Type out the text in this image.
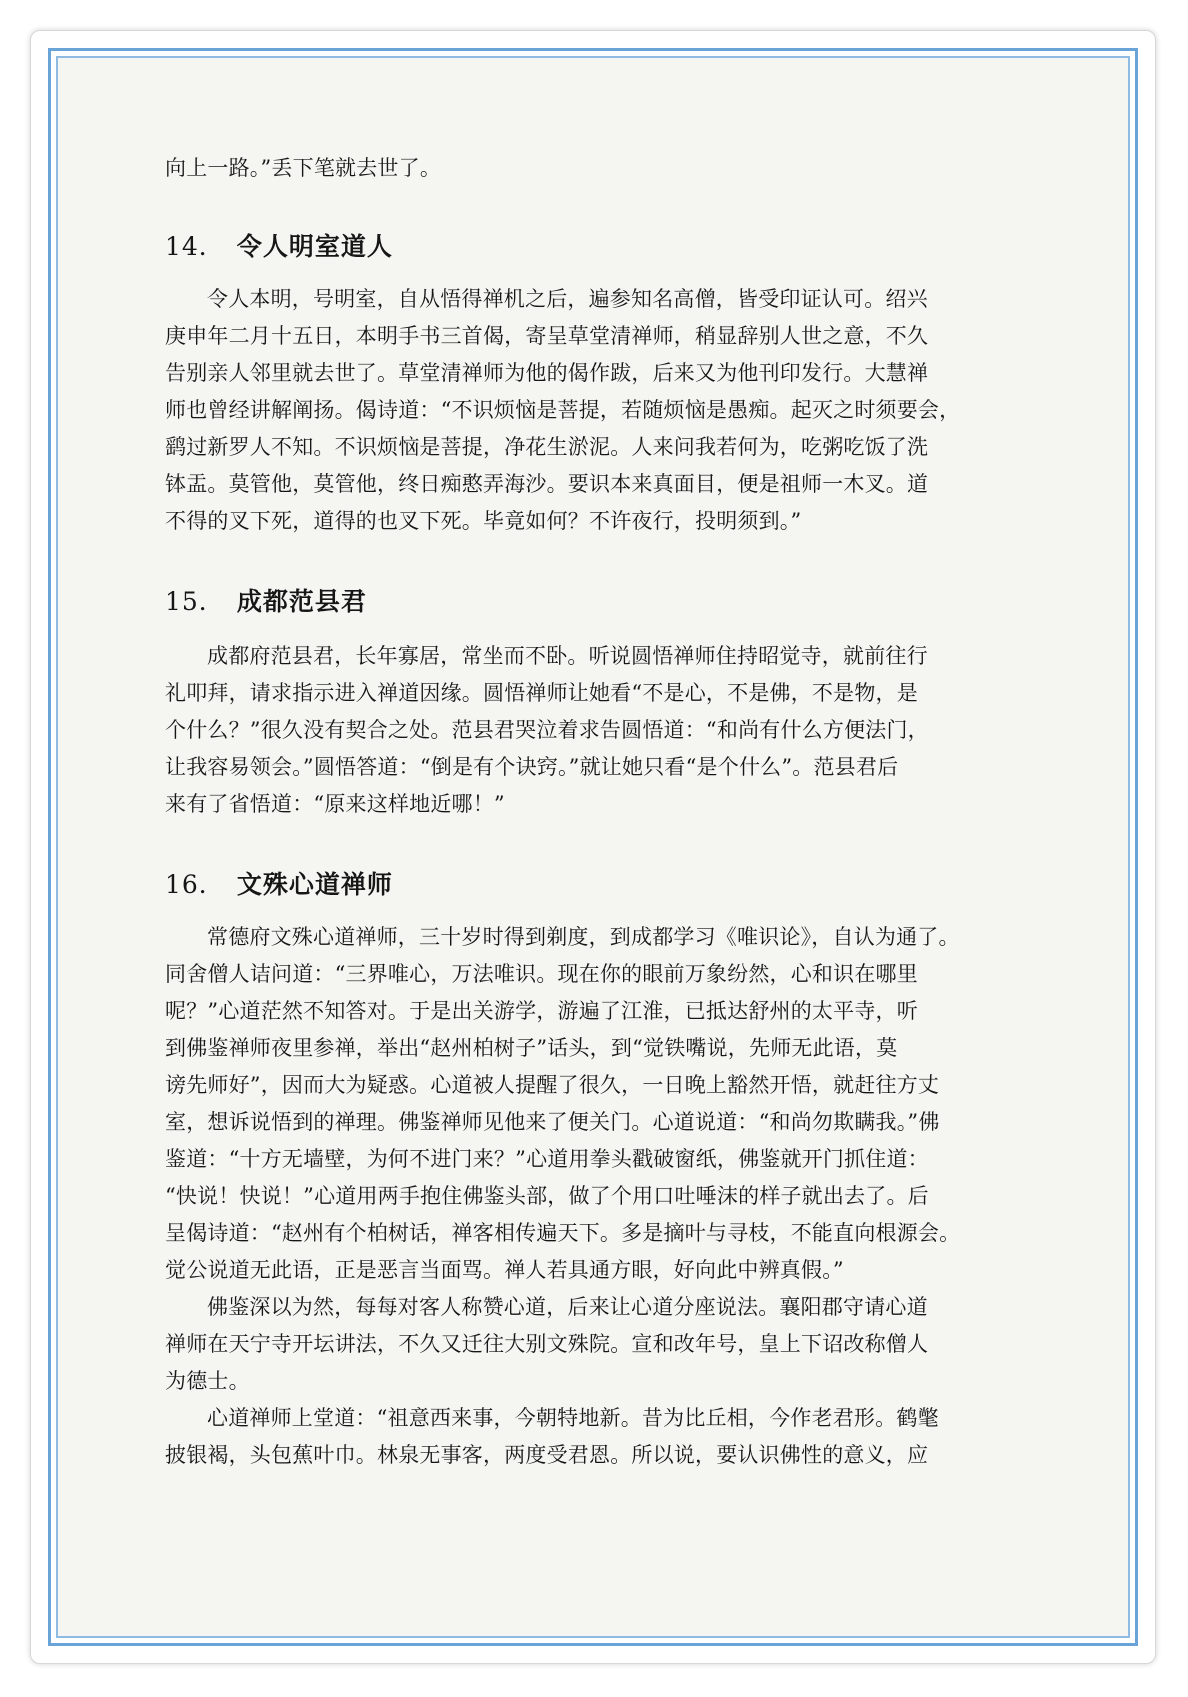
向上一路。”丢下笔就去世了。
14． 令人明室道人
令人本明，号明室，自从悟得禅机之后，遍参知名高僧，皆受印证认可。绍兴
庚申年二月十五日，本明手书三首偈，寄呈草堂清禅师，稍显辞别人世之意，不久
告别亲人邻里就去世了。草堂清禅师为他的偈作跋，后来又为他刊印发行。大慧禅
师也曾经讲解阐扬。偈诗道：“不识烦恼是菩提，若随烦恼是愚痴。起灭之时须要会，
鹞过新罗人不知。不识烦恼是菩提，净花生淤泥。人来问我若何为，吃粥吃饭了洗
钵盂。莫管他，莫管他，终日痴憨弄海沙。要识本来真面目，便是祖师一木叉。道
不得的叉下死，道得的也叉下死。毕竟如何？不许夜行，投明须到。”
15． 成都范县君
成都府范县君，长年寡居，常坐而不卧。听说圆悟禅师住持昭觉寺，就前往行
礼叩拜，请求指示进入禅道因缘。圆悟禅师让她看“不是心，不是佛，不是物，是
个什么？”很久没有契合之处。范县君哭泣着求告圆悟道：“和尚有什么方便法门，
让我容易领会。”圆悟答道：“倒是有个诀窍。”就让她只看“是个什么”。范县君后
来有了省悟道：“原来这样地近哪！”
16． 文殊心道禅师
常德府文殊心道禅师，三十岁时得到剃度，到成都学习《唯识论》，自认为通了。
同舍僧人诘问道：“三界唯心，万法唯识。现在你的眼前万象纷然，心和识在哪里
呢？”心道茫然不知答对。于是出关游学，游遍了江淮，已抵达舒州的太平寺，听
到佛鉴禅师夜里参禅，举出“赵州柏树子”话头，到“觉铁嘴说，先师无此语，莫
谤先师好”，因而大为疑惑。心道被人提醒了很久，一日晚上豁然开悟，就赶往方丈
室，想诉说悟到的禅理。佛鉴禅师见他来了便关门。心道说道：“和尚勿欺瞒我。”佛
鉴道：“十方无墙壁，为何不进门来？”心道用拳头戳破窗纸，佛鉴就开门抓住道：
“快说！快说！”心道用两手抱住佛鉴头部，做了个用口吐唾沫的样子就出去了。后
呈偈诗道：“赵州有个柏树话，禅客相传遍天下。多是摘叶与寻枝，不能直向根源会。
觉公说道无此语，正是恶言当面骂。禅人若具通方眼，好向此中辨真假。”
佛鉴深以为然，每每对客人称赞心道，后来让心道分座说法。襄阳郡守请心道
禅师在天宁寺开坛讲法，不久又迁往大别文殊院。宣和改年号，皇上下诏改称僧人
为德士。
心道禅师上堂道：“祖意西来事，今朝特地新。昔为比丘相，今作老君形。鹤氅
披银褐，头包蕉叶巾。林泉无事客，两度受君恩。所以说，要认识佛性的意义，应
